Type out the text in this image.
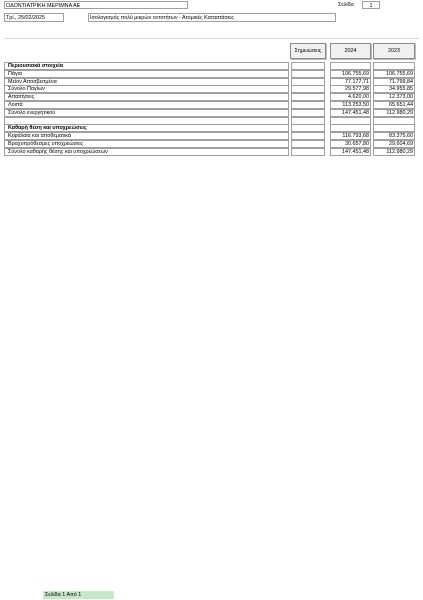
ΟΔΟΝΤΙΑΤΡΙΚΗ ΜΕΡΙΜΝΑ ΑΕ	Σελίδα	1
Τρί., 25/02/2025	Ισολογισμός πολύ μικρών οντοτήτων - Ατομικές Καταστάσεις
Σημειώσεις	2024	2023
Περιουσιακά στοιχεία
Πάγια	106.755,69	106.755,69
Μείον Αποσβεσμένα	77.177,71	71.799,84
Σύνολο Παγίων	29.577,98	34.955,85
Απαιτήσεις	4.620,00	12.373,00
Λοιπά	113.253,50	65.651,44
Σύνολο ενεργητικού	147.451,48	112.980,29
Καθαρή θέση και υποχρεώσεις
Κεφάλαια και αποθεματικά	116.793,68	83.375,60
Βραχυπρόθεσμες υποχρεώσεις	30.657,80	29.604,69
Σύνολο καθαρής θέσης και υποχρεώσεων	147.451,48	112.980,29
Σελίδα 1 Από 1
